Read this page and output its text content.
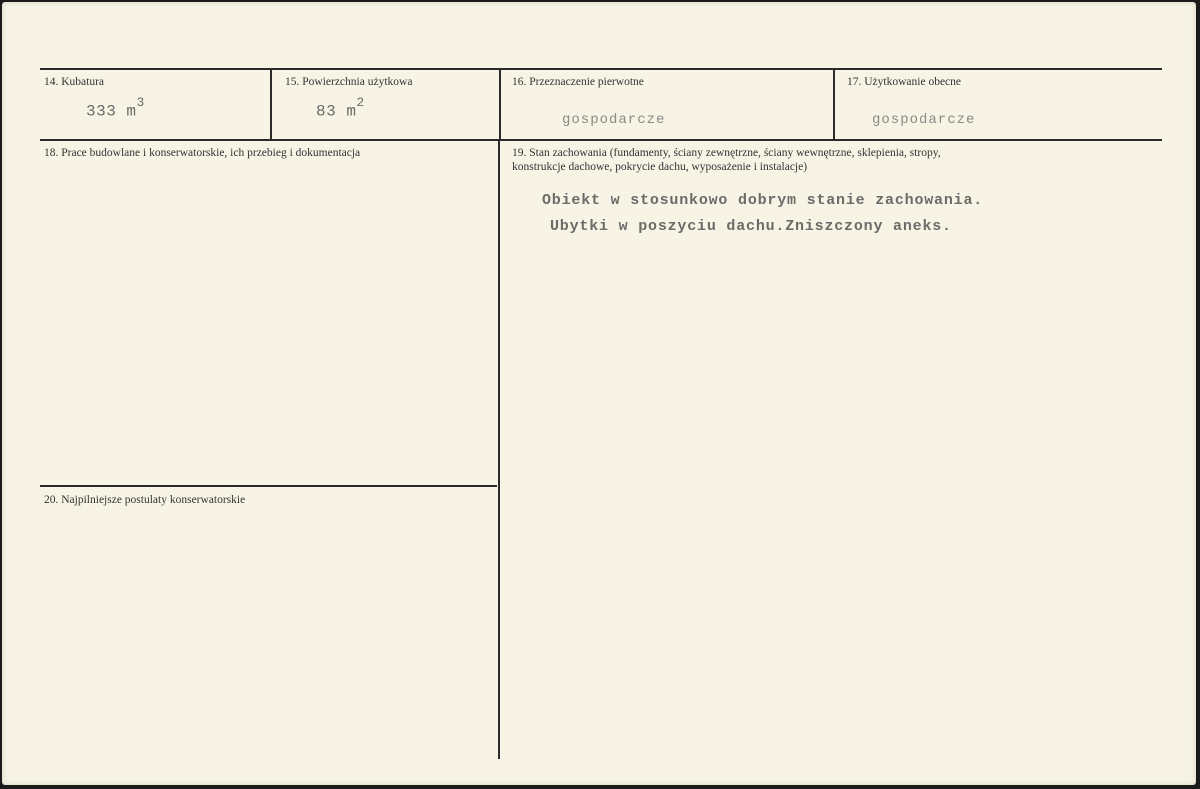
14. Kubatura
333 $m^3$
15. Powierzchnia użytkowa
83 $m^2$
16. Przeznaczenie pierwotne
gospodarcze
17. Użytkowanie obecne
gospodarcze
18. Prace budowlane i konserwatorskie, ich przebieg i dokumentacja	19. Stan zachowania (fundamenty, ściany zewnętrzne, ściany wewnętrzne, sklepienia, stropy,
konstrukcje dachowe, pokrycie dachu, wyposażenie i instalacje)
Obiekt w stosunkowo dobrym stanie zachowania.
Ubytki w poszyciu dachu.Zniszczony aneks.
20. Najpilniejsze postulaty konserwatorskie
